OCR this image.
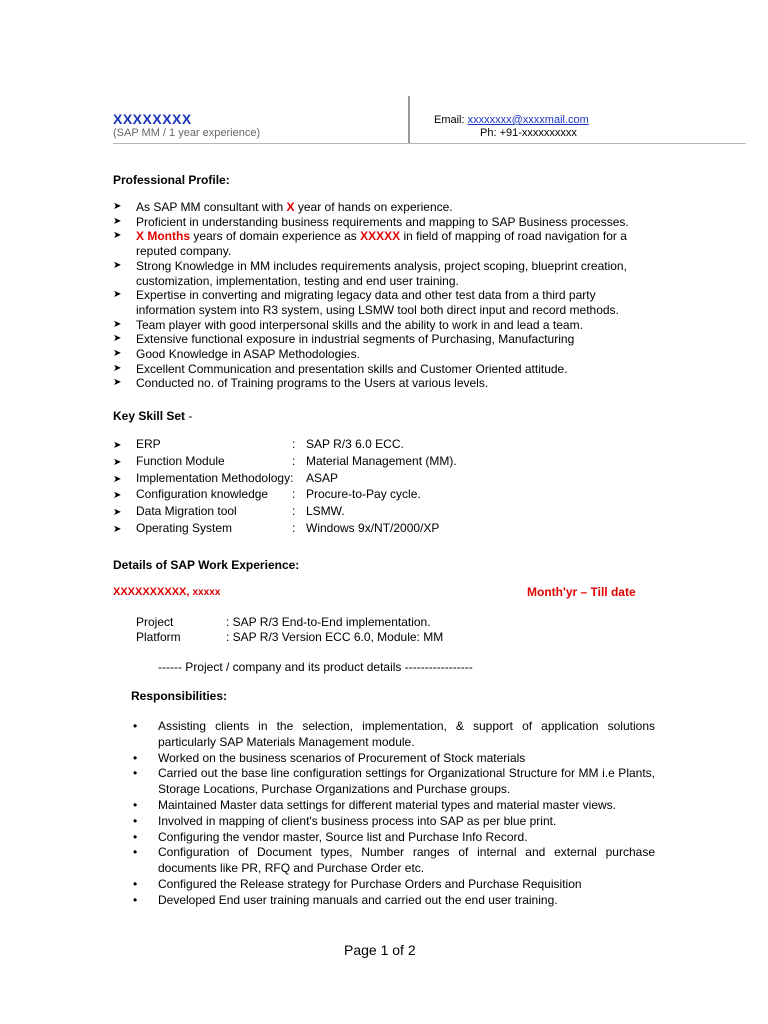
XXXXXXXX
(SAP MM / 1 year experience)
Email: xxxxxxxx@xxxxmail.com
Ph: +91-xxxxxxxxxx
Professional Profile:
➤ As SAP MM consultant with X year of hands on experience.
➤ Proficient in understanding business requirements and mapping to SAP Business processes.
➤ X Months years of domain experience as XXXXX in field of mapping of road navigation for a reputed company.
➤ Strong Knowledge in MM includes requirements analysis, project scoping, blueprint creation, customization, implementation, testing and end user training.
➤ Expertise in converting and migrating legacy data and other test data from a third party information system into R3 system, using LSMW tool both direct input and record methods.
➤ Team player with good interpersonal skills and the ability to work in and lead a team.
➤ Extensive functional exposure in industrial segments of Purchasing, Manufacturing
➤ Good Knowledge in ASAP Methodologies.
➤ Excellent Communication and presentation skills and Customer Oriented attitude.
➤ Conducted no. of Training programs to the Users at various levels.
Key Skill Set -
➤	ERP	:	SAP R/3 6.0 ECC.
➤	Function Module	:	Material Management (MM).
➤	Implementation Methodology:		ASAP
➤	Configuration knowledge	:	Procure-to-Pay cycle.
➤	Data Migration tool	:	LSMW.
➤	Operating System	:	Windows 9x/NT/2000/XP
Details of SAP Work Experience:
XXXXXXXXXX, xxxxx	Month'yr – Till date
Project	: SAP R/3 End-to-End implementation.
Platform	: SAP R/3 Version ECC 6.0, Module: MM
------ Project / company and its product details -----------------
Responsibilities:
• Assisting clients in the selection, implementation, & support of application solutions particularly SAP Materials Management module.
• Worked on the business scenarios of Procurement of Stock materials
• Carried out the base line configuration settings for Organizational Structure for MM i.e Plants, Storage Locations, Purchase Organizations and Purchase groups.
• Maintained Master data settings for different material types and material master views.
• Involved in mapping of client's business process into SAP as per blue print.
• Configuring the vendor master, Source list and Purchase Info Record.
• Configuration of Document types, Number ranges of internal and external purchase documents like PR, RFQ and Purchase Order etc.
• Configured the Release strategy for Purchase Orders and Purchase Requisition
• Developed End user training manuals and carried out the end user training.
Page 1 of 2
